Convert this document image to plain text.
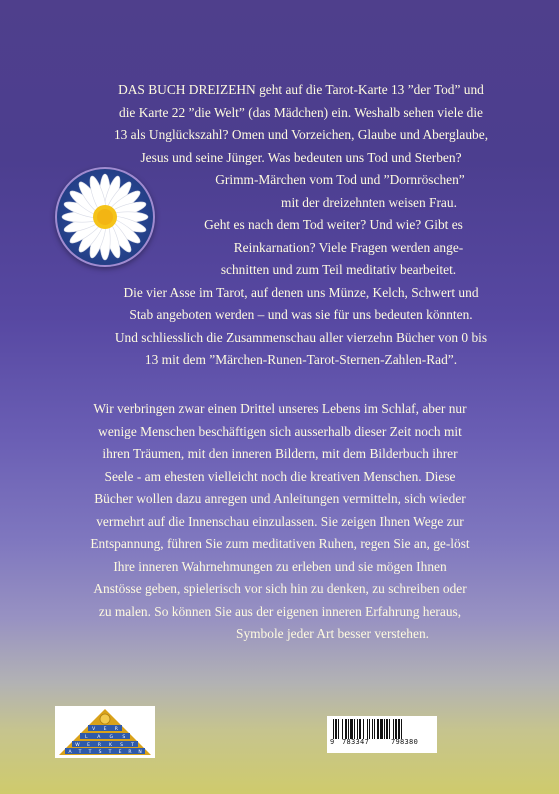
DAS BUCH DREIZEHN geht auf die Tarot-Karte 13 ”der Tod” und
die Karte 22 ”die Welt” (das Mädchen) ein. Weshalb sehen viele die
13 als Unglückszahl? Omen und Vorzeichen, Glaube und Aberglaube,
Jesus und seine Jünger. Was bedeuten uns Tod und Sterben?
Grimm-Märchen vom Tod und ”Dornröschen”
mit der dreizehnten weisen Frau.
Geht es nach dem Tod weiter? Und wie? Gibt es
Reinkarnation? Viele Fragen werden ange-
schnitten und zum Teil meditativ bearbeitet.
Die vier Asse im Tarot, auf denen uns Münze, Kelch, Schwert und
Stab angeboten werden – und was sie für uns bedeuten könnten.
Und schliesslich die Zusammenschau aller vierzehn Bücher von 0 bis
13 mit dem ”Märchen-Runen-Tarot-Sternen-Zahlen-Rad”.

Wir verbringen zwar einen Drittel unseres Lebens im Schlaf, aber nur
wenige Menschen beschäftigen sich ausserhalb dieser Zeit noch mit
ihren Träumen, mit den inneren Bildern, mit dem Bilderbuch ihrer
Seele - am ehesten vielleicht noch die kreativen Menschen. Diese
Bücher wollen dazu anregen und Anleitungen vermitteln, sich wieder
vermehrt auf die Innenschau einzulassen. Sie zeigen Ihnen Wege zur
Entspannung, führen Sie zum meditativen Ruhen, regen Sie an, ge-löst
Ihre inneren Wahrnehmungen zu erleben und sie mögen Ihnen
Anstösse geben, spielerisch vor sich hin zu denken, zu schreiben oder
zu malen. So können Sie aus der eigenen inneren Erfahrung heraus,
Symbole jeder Art besser verstehen.

V E R
L A G S
W E R K S T
A T T S T E R N
9 783347	798380
